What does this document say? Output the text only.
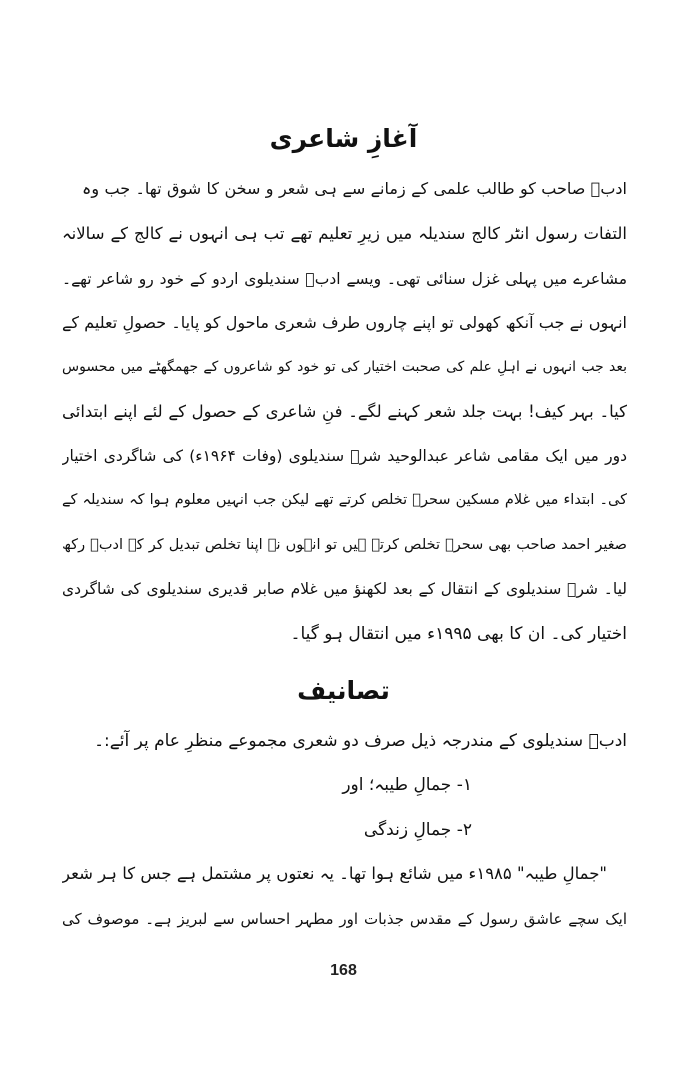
آغازِ شاعری
ادبؔ صاحب کو طالب علمی کے زمانے سے ہی شعر و سخن کا شوق تھا۔ جب وہ
التفات رسول انٹر کالج سندیلہ میں زیرِ تعلیم تھے تب ہی انہوں نے کالج کے سالانہ
مشاعرے میں پہلی غزل سنائی تھی۔ ویسے ادبؔ سندیلوی اردو کے خود رو شاعر تھے۔
انہوں نے جب آنکھ کھولی تو اپنے چاروں طرف شعری ماحول کو پایا۔ حصولِ تعلیم کے
بعد جب انہوں نے اہلِ علم کی صحبت اختیار کی تو خود کو شاعروں کے جھمگھٹے میں محسوس
کیا۔ بہر کیف! بہت جلد شعر کہنے لگے۔ فنِ شاعری کے حصول کے لئے اپنے ابتدائی
دور میں ایک مقامی شاعر عبدالوحید شرؔ سندیلوی (وفات ۱۹۶۴ء) کی شاگردی اختیار
کی۔ ابتداء میں غلام مسکین سحرؔ تخلص کرتے تھے لیکن جب انہیں معلوم ہوا کہ سندیلہ کے
صغیر احمد صاحب بھی سحرؔ تخلص کرتے ہیں تو انہوں نے اپنا تخلص تبدیل کر کے ادبؔ رکھ
لیا۔ شرؔ سندیلوی کے انتقال کے بعد لکھنؤ میں غلام صابر قدیری سندیلوی کی شاگردی
اختیار کی۔ ان کا بھی ۱۹۹۵ء میں انتقال ہو گیا۔
تصانیف
ادبؔ سندیلوی کے مندرجہ ذیل صرف دو شعری مجموعے منظرِ عام پر آئے:۔
۱- جمالِ طیبہ؛ اور
۲- جمالِ زندگی
"جمالِ طیبہ" ۱۹۸۵ء میں شائع ہوا تھا۔ یہ نعتوں پر مشتمل ہے جس کا ہر شعر
ایک سچے عاشق رسول کے مقدس جذبات اور مطہر احساس سے لبریز ہے۔ موصوف کی
168
